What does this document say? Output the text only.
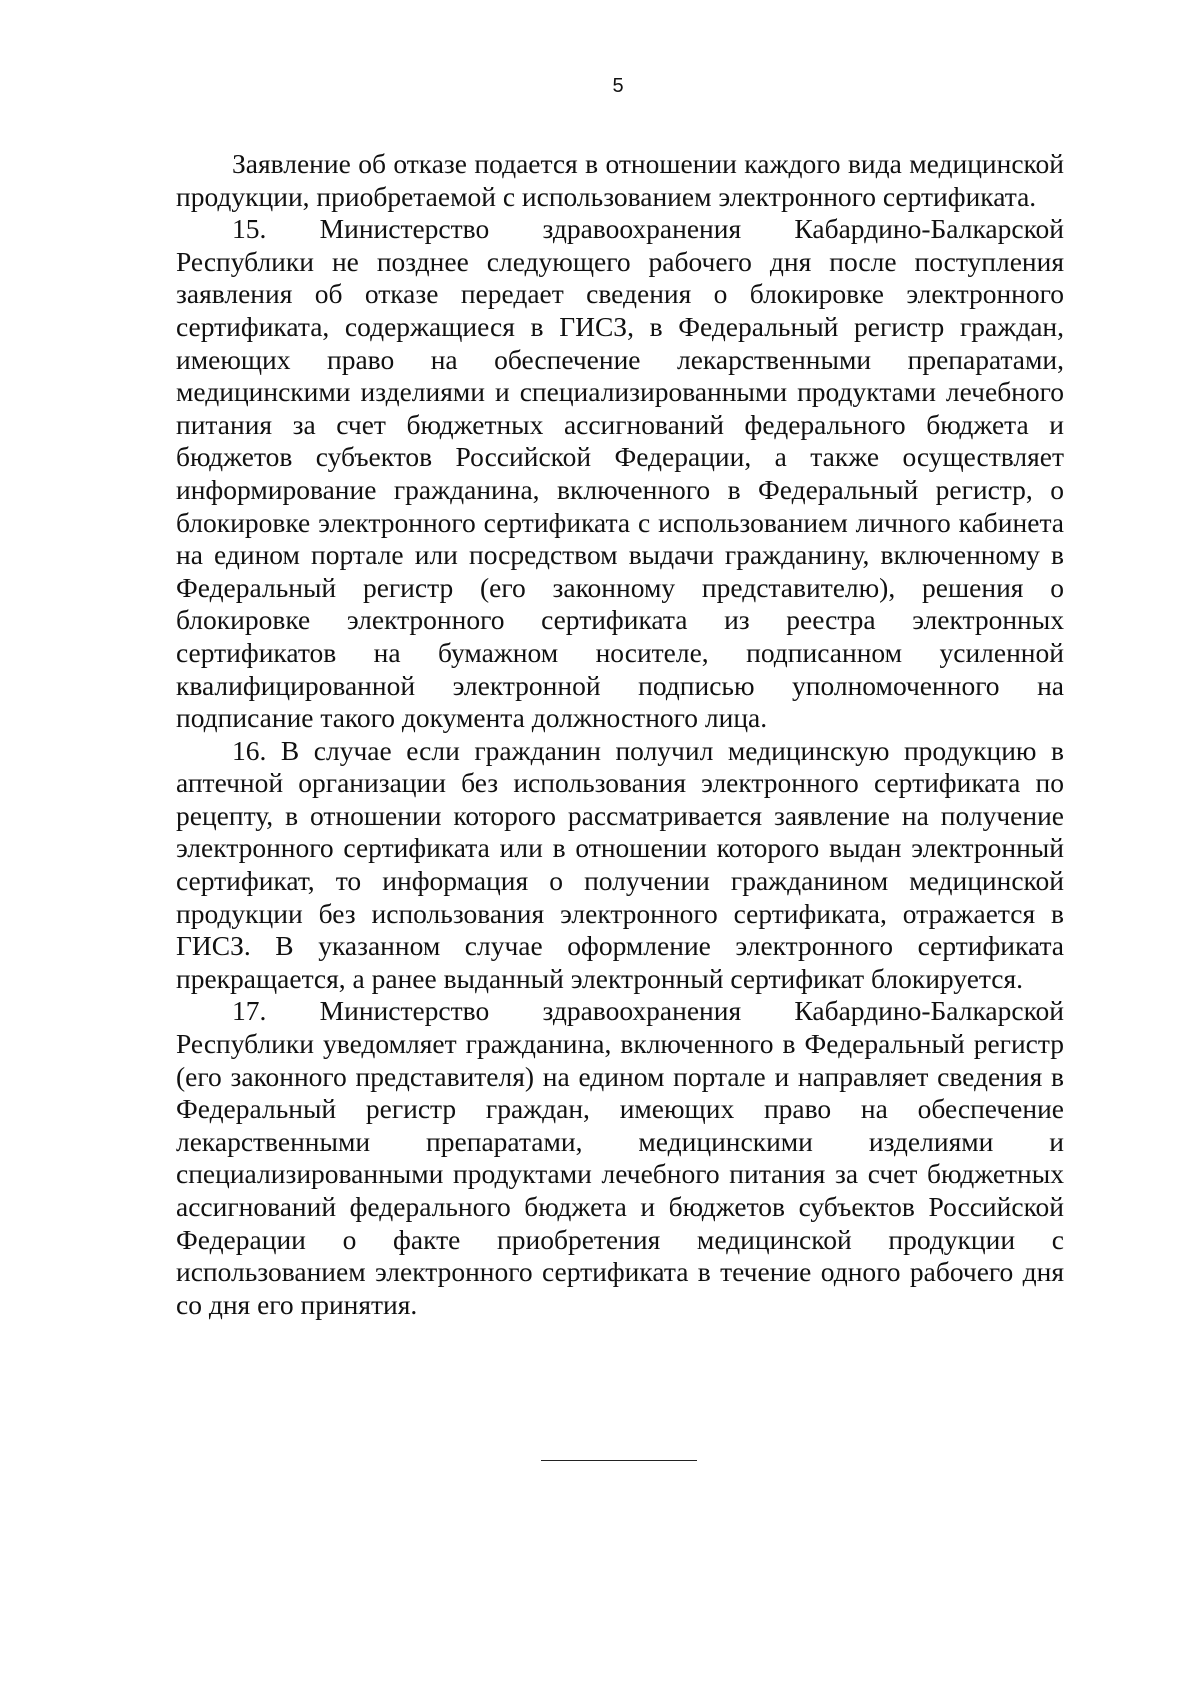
5

Заявление об отказе подается в отношении каждого вида медицинской продукции, приобретаемой с использованием электронного сертификата.

15. Министерство здравоохранения Кабардино-Балкарской Республики не позднее следующего рабочего дня после поступления заявления об отказе передает сведения о блокировке электронного сертификата, содержащиеся в ГИСЗ, в Федеральный регистр граждан, имеющих право на обеспечение лекарственными препаратами, медицинскими изделиями и специализированными продуктами лечебного питания за счет бюджетных ассигнований федерального бюджета и бюджетов субъектов Российской Федерации, а также осуществляет информирование гражданина, включенного в Федеральный регистр, о блокировке электронного сертификата с использованием личного кабинета на едином портале или посредством выдачи гражданину, включенному в Федеральный регистр (его законному представителю), решения о блокировке электронного сертификата из реестра электронных сертификатов на бумажном носителе, подписанном усиленной квалифицированной электронной подписью уполномоченного на подписание такого документа должностного лица.

16. В случае если гражданин получил медицинскую продукцию в аптечной организации без использования электронного сертификата по рецепту, в отношении которого рассматривается заявление на получение электронного сертификата или в отношении которого выдан электронный сертификат, то информация о получении гражданином медицинской продукции без использования электронного сертификата, отражается в ГИСЗ. В указанном случае оформление электронного сертификата прекращается, а ранее выданный электронный сертификат блокируется.

17. Министерство здравоохранения Кабардино-Балкарской Республики уведомляет гражданина, включенного в Федеральный регистр (его законного представителя) на едином портале и направляет сведения в Федеральный регистр граждан, имеющих право на обеспечение лекарственными препаратами, медицинскими изделиями и специализированными продуктами лечебного питания за счет бюджетных ассигнований федерального бюджета и бюджетов субъектов Российской Федерации о факте приобретения медицинской продукции с использованием электронного сертификата в течение одного рабочего дня со дня его принятия.
